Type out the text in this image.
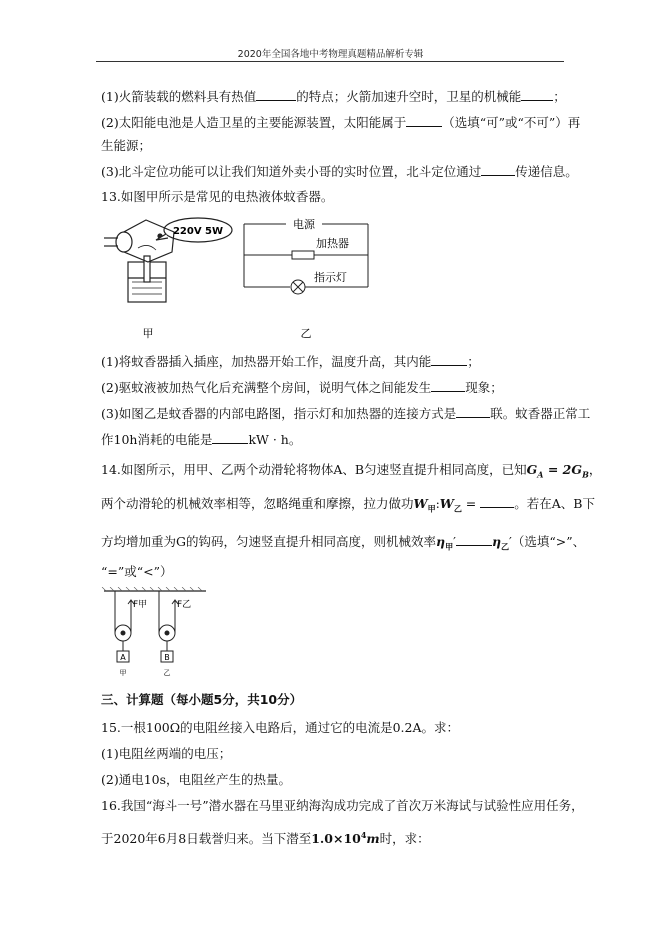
2020年全国各地中考物理真题精品解析专辑
(1)火箭装载的燃料具有热值	的特点；火箭加速升空时，卫星的机械能	；
(2)太阳能电池是人造卫星的主要能源装置，太阳能属于	（选填“可”或“不可”）再
生能源；
(3)北斗定位功能可以让我们知道外卖小哥的实时位置，北斗定位通过	传递信息。
13.如图甲所示是常见的电热液体蚊香器。
220V 5W
电源
加热器
指示灯
甲	乙
(1)将蚊香器插入插座，加热器开始工作，温度升高，其内能	；
(2)驱蚊液被加热气化后充满整个房间，说明气体之间能发生	现象；
(3)如图乙是蚊香器的内部电路图，指示灯和加热器的连接方式是	联。蚊香器正常工
作10h消耗的电能是	kW · h。
14.如图所示，用甲、乙两个动滑轮将物体A、B匀速竖直提升相同高度，已知$G_A = 2G_B$，
两个动滑轮的机械效率相等，忽略绳重和摩擦，拉力做功$W_甲:W_乙$ =	。若在A、B下
方均增加重为G的钩码，匀速竖直提升相同高度，则机械效率$\eta_甲'$	$\eta_乙'$（选填“>”、
“=”或“<”）
F甲
A
F乙
B
甲	乙
三、计算题（每小题5分，共10分）
15.一根100Ω的电阻丝接入电路后，通过它的电流是0.2A。求：
(1)电阻丝两端的电压；
(2)通电10s，电阻丝产生的热量。
16.我国“海斗一号”潜水器在马里亚纳海沟成功完成了首次万米海试与试验性应用任务，
于2020年6月8日载誉归来。当下潜至$1.0\times 10^4m$时，求：
